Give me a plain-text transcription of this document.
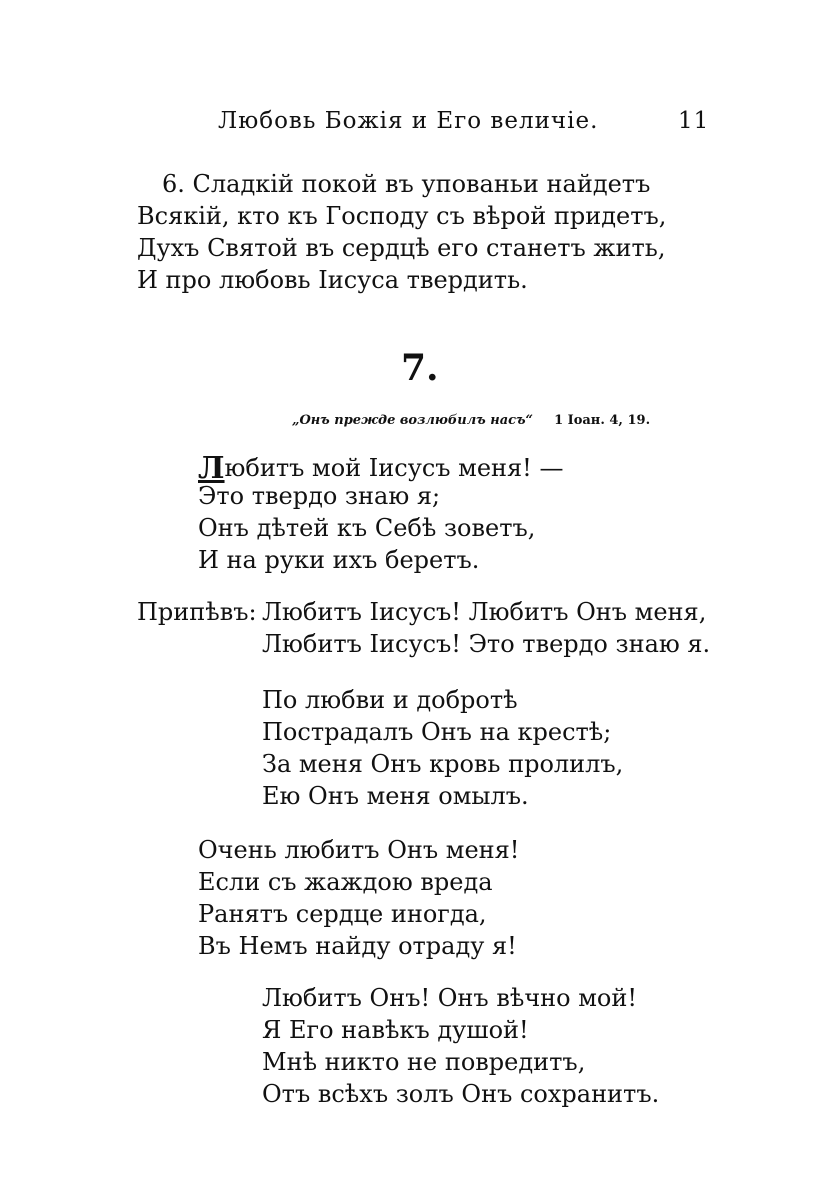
Любовь Божія и Его величіе.	11
6. Сладкій покой въ упованьи найдетъ
Всякій, кто къ Господу съ вѣрой придетъ,
Духъ Святой въ сердцѣ его станетъ жить,
И про любовь Іисуса твердить.
7.
„Онъ прежде возлюбилъ насъ“ 1 Іоан. 4, 19.
Любитъ мой Іисусъ меня! —
Это твердо знаю я;
Онъ дѣтей къ Себѣ зоветъ,
И на руки ихъ беретъ.
Припѣвъ: Любитъ Іисусъ! Любитъ Онъ меня,
Любитъ Іисусъ! Это твердо знаю я.
По любви и добротѣ
Пострадалъ Онъ на крестѣ;
За меня Онъ кровь пролилъ,
Ею Онъ меня омылъ.
Очень любитъ Онъ меня!
Если съ жаждою вреда
Ранятъ сердце иногда,
Въ Немъ найду отраду я!
Любитъ Онъ! Онъ вѣчно мой!
Я Его навѣкъ душой!
Мнѣ никто не повредитъ,
Отъ всѣхъ золъ Онъ сохранитъ.
